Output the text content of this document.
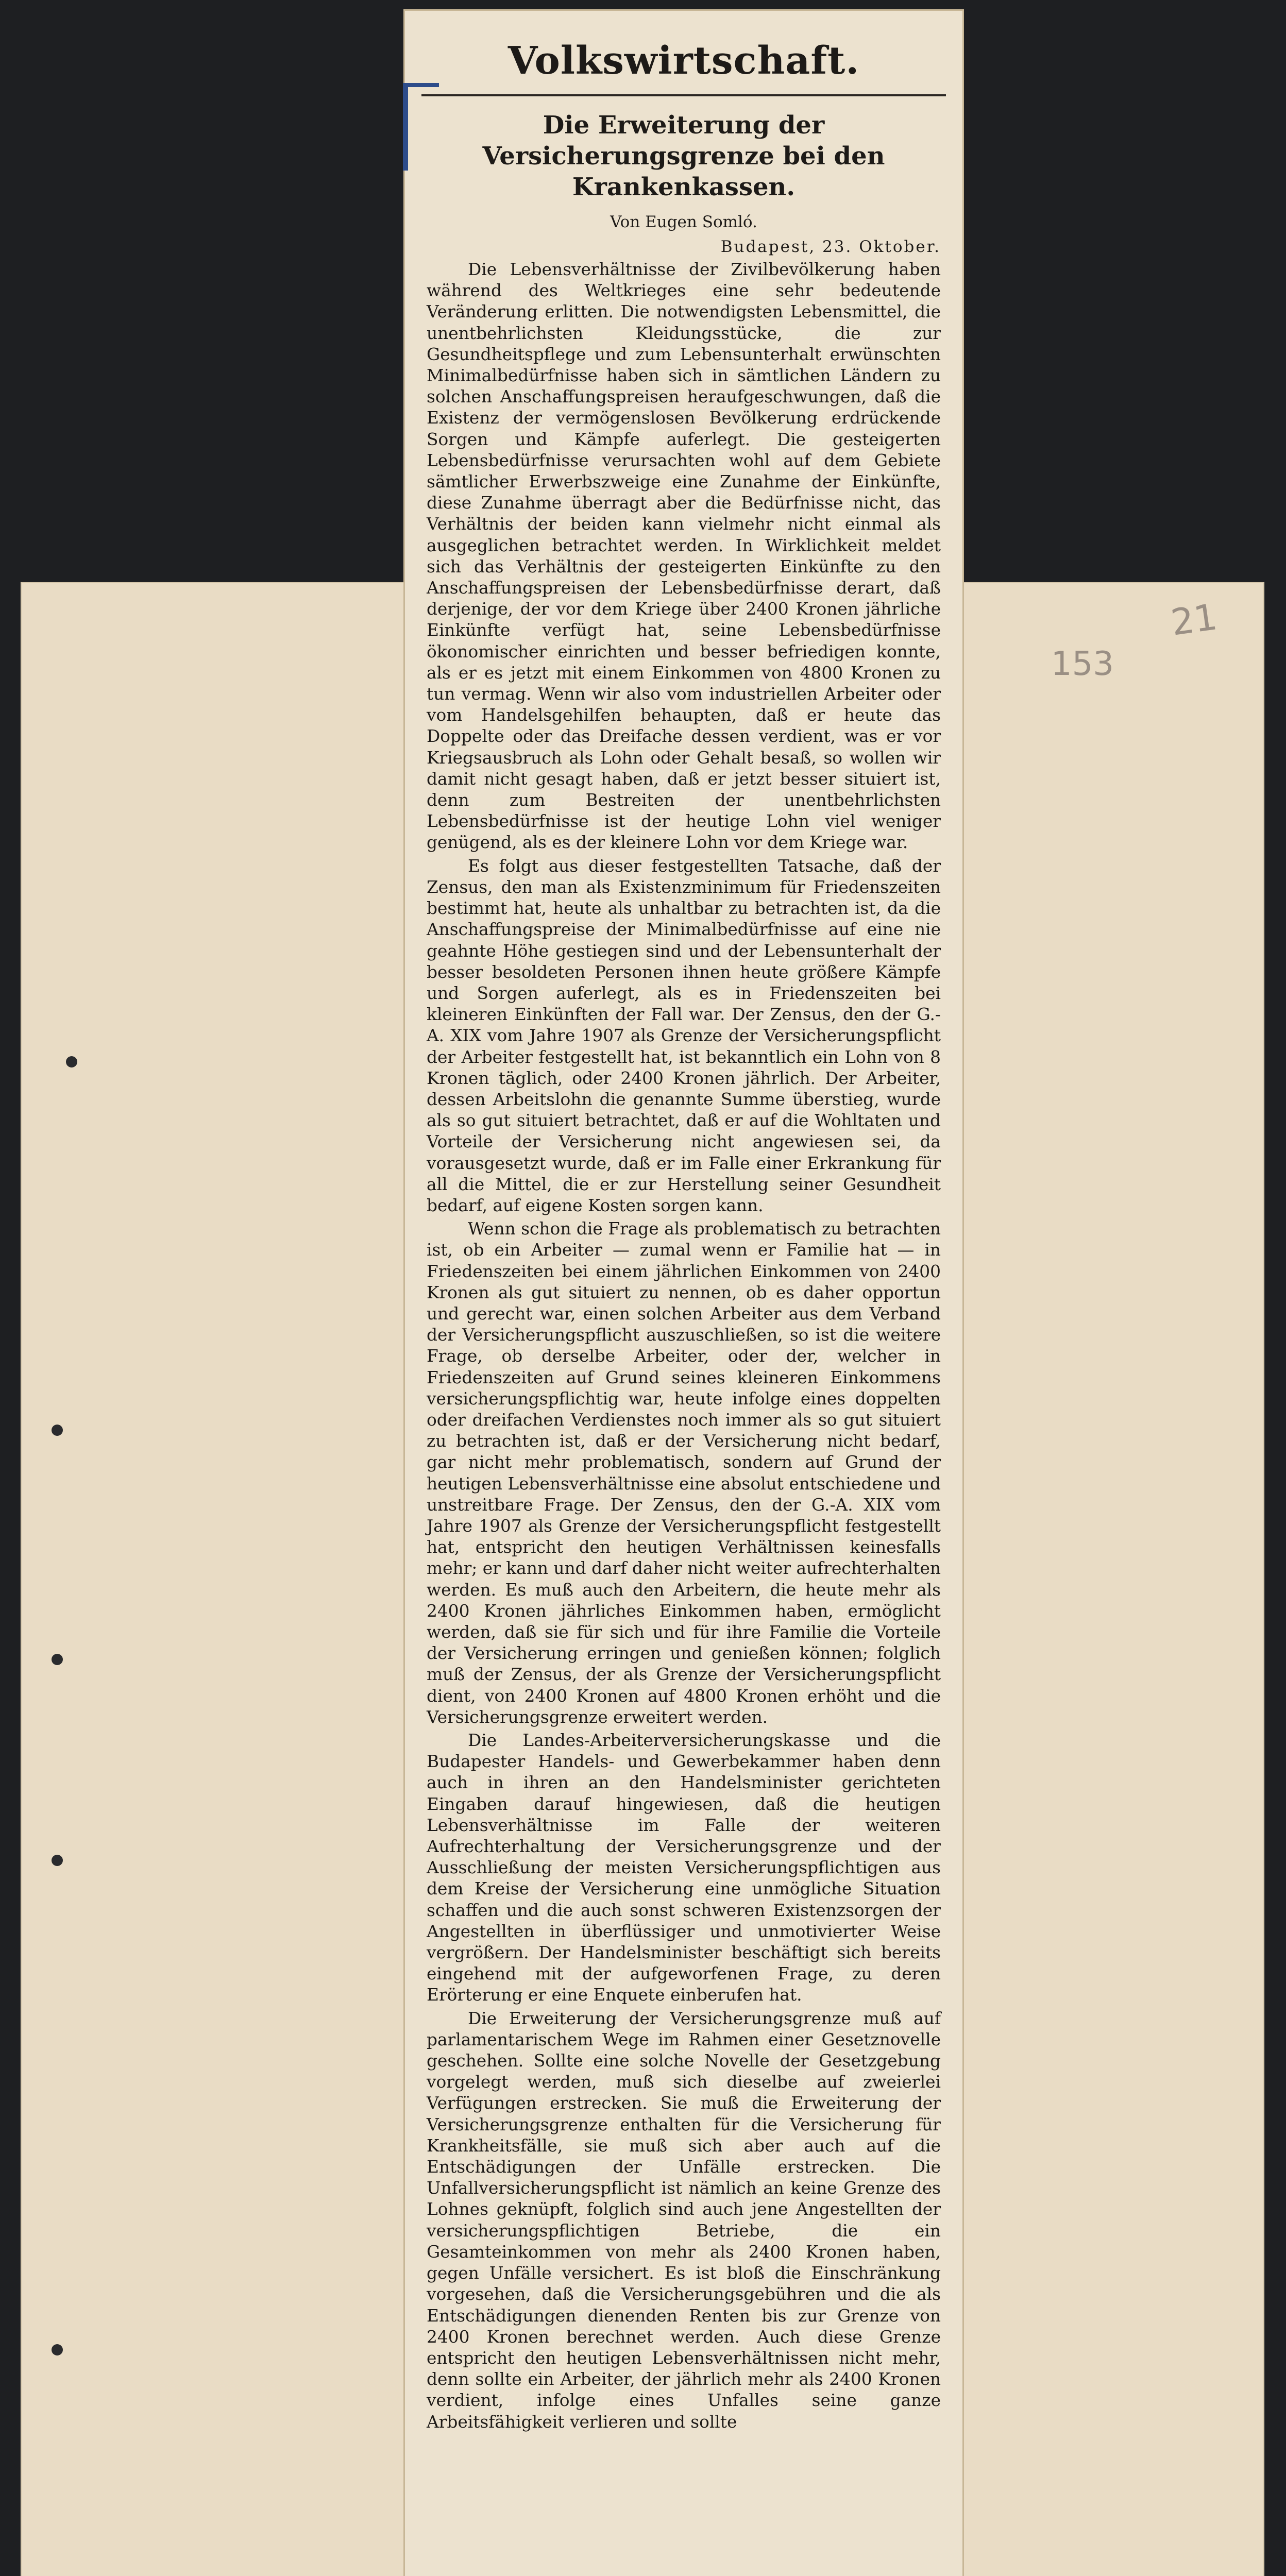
21
153
Volkswirtschaft.
Die Erweiterung der Versicherungsgrenze bei den Krankenkassen.
Von Eugen Somló.
Budapest, 23. Oktober.

Die Lebensverhältnisse der Zivilbevölkerung haben während des Weltkrieges eine sehr bedeutende Veränderung erlitten. Die notwendigsten Lebensmittel, die unentbehrlichsten Kleidungsstücke, die zur Gesundheitspflege und zum Lebensunterhalt erwünschten Minimalbedürfnisse haben sich in sämtlichen Ländern zu solchen Anschaffungspreisen heraufgeschwungen, daß die Existenz der vermögenslosen Bevölkerung erdrückende Sorgen und Kämpfe auferlegt. Die gesteigerten Lebensbedürfnisse verursachten wohl auf dem Gebiete sämtlicher Erwerbszweige eine Zunahme der Einkünfte, diese Zunahme überragt aber die Bedürfnisse nicht, das Verhältnis der beiden kann vielmehr nicht einmal als ausgeglichen betrachtet werden. In Wirklichkeit meldet sich das Verhältnis der gesteigerten Einkünfte zu den Anschaffungspreisen der Lebensbedürfnisse derart, daß derjenige, der vor dem Kriege über 2400 Kronen jährliche Einkünfte verfügt hat, seine Lebensbedürfnisse ökonomischer einrichten und besser befriedigen konnte, als er es jetzt mit einem Einkommen von 4800 Kronen zu tun vermag. Wenn wir also vom industriellen Arbeiter oder vom Handelsgehilfen behaupten, daß er heute das Doppelte oder das Dreifache dessen verdient, was er vor Kriegsausbruch als Lohn oder Gehalt besaß, so wollen wir damit nicht gesagt haben, daß er jetzt besser situiert ist, denn zum Bestreiten der unentbehrlichsten Lebensbedürfnisse ist der heutige Lohn viel weniger genügend, als es der kleinere Lohn vor dem Kriege war.

Es folgt aus dieser festgestellten Tatsache, daß der Zensus, den man als Existenzminimum für Friedenszeiten bestimmt hat, heute als unhaltbar zu betrachten ist, da die Anschaffungspreise der Minimalbedürfnisse auf eine nie geahnte Höhe gestiegen sind und der Lebensunterhalt der besser besoldeten Personen ihnen heute größere Kämpfe und Sorgen auferlegt, als es in Friedenszeiten bei kleineren Einkünften der Fall war. Der Zensus, den der G.-A. XIX vom Jahre 1907 als Grenze der Versicherungspflicht der Arbeiter festgestellt hat, ist bekanntlich ein Lohn von 8 Kronen täglich, oder 2400 Kronen jährlich. Der Arbeiter, dessen Arbeitslohn die genannte Summe überstieg, wurde als so gut situiert betrachtet, daß er auf die Wohltaten und Vorteile der Versicherung nicht angewiesen sei, da vorausgesetzt wurde, daß er im Falle einer Erkrankung für all die Mittel, die er zur Herstellung seiner Gesundheit bedarf, auf eigene Kosten sorgen kann.

Wenn schon die Frage als problematisch zu betrachten ist, ob ein Arbeiter — zumal wenn er Familie hat — in Friedenszeiten bei einem jährlichen Einkommen von 2400 Kronen als gut situiert zu nennen, ob es daher opportun und gerecht war, einen solchen Arbeiter aus dem Verband der Versicherungspflicht auszuschließen, so ist die weitere Frage, ob derselbe Arbeiter, oder der, welcher in Friedenszeiten auf Grund seines kleineren Einkommens versicherungspflichtig war, heute infolge eines doppelten oder dreifachen Verdienstes noch immer als so gut situiert zu betrachten ist, daß er der Versicherung nicht bedarf, gar nicht mehr problematisch, sondern auf Grund der heutigen Lebensverhältnisse eine absolut entschiedene und unstreitbare Frage. Der Zensus, den der G.-A. XIX vom Jahre 1907 als Grenze der Versicherungspflicht festgestellt hat, entspricht den heutigen Verhältnissen keinesfalls mehr; er kann und darf daher nicht weiter aufrechterhalten werden. Es muß auch den Arbeitern, die heute mehr als 2400 Kronen jährliches Einkommen haben, ermöglicht werden, daß sie für sich und für ihre Familie die Vorteile der Versicherung erringen und genießen können; folglich muß der Zensus, der als Grenze der Versicherungspflicht dient, von 2400 Kronen auf 4800 Kronen erhöht und die Versicherungsgrenze erweitert werden.

Die Landes-Arbeiterversicherungskasse und die Budapester Handels- und Gewerbekammer haben denn auch in ihren an den Handelsminister gerichteten Eingaben darauf hingewiesen, daß die heutigen Lebensverhältnisse im Falle der weiteren Aufrechterhaltung der Versicherungsgrenze und der Ausschließung der meisten Versicherungspflichtigen aus dem Kreise der Versicherung eine unmögliche Situation schaffen und die auch sonst schweren Existenzsorgen der Angestellten in überflüssiger und unmotivierter Weise vergrößern. Der Handelsminister beschäftigt sich bereits eingehend mit der aufgeworfenen Frage, zu deren Erörterung er eine Enquete einberufen hat.

Die Erweiterung der Versicherungsgrenze muß auf parlamentarischem Wege im Rahmen einer Gesetznovelle geschehen. Sollte eine solche Novelle der Gesetzgebung vorgelegt werden, muß sich dieselbe auf zweierlei Verfügungen erstrecken. Sie muß die Erweiterung der Versicherungsgrenze enthalten für die Versicherung für Krankheitsfälle, sie muß sich aber auch auf die Entschädigungen der Unfälle erstrecken. Die Unfallversicherungspflicht ist nämlich an keine Grenze des Lohnes geknüpft, folglich sind auch jene Angestellten der versicherungspflichtigen Betriebe, die ein Gesamteinkommen von mehr als 2400 Kronen haben, gegen Unfälle versichert. Es ist bloß die Einschränkung vorgesehen, daß die Versicherungsgebühren und die als Entschädigungen dienenden Renten bis zur Grenze von 2400 Kronen berechnet werden. Auch diese Grenze entspricht den heutigen Lebensverhältnissen nicht mehr, denn sollte ein Arbeiter, der jährlich mehr als 2400 Kronen verdient, infolge eines Unfalles seine ganze Arbeitsfähigkeit verlieren und sollte
